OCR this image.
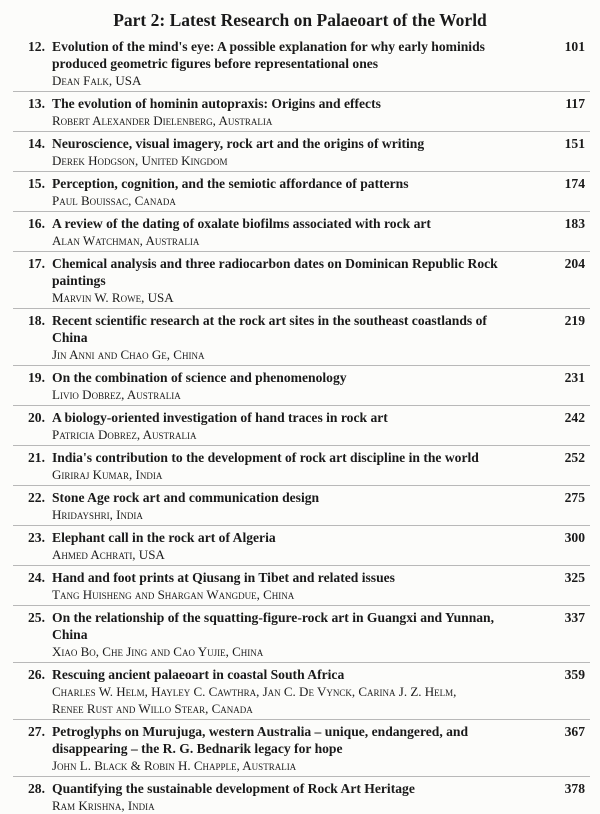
Part 2: Latest Research on Palaeoart of the World
12. Evolution of the mind's eye: A possible explanation for why early hominids produced geometric figures before representational ones
101
Dean Falk, USA
13. The evolution of hominin autopraxis: Origins and effects	117
Robert Alexander Dielenberg, Australia
14. Neuroscience, visual imagery, rock art and the origins of writing	151
Derek Hodgson, United Kingdom
15. Perception, cognition, and the semiotic affordance of patterns	174
Paul Bouissac, Canada
16. A review of the dating of oxalate biofilms associated with rock art	183
Alan Watchman, Australia
17. Chemical analysis and three radiocarbon dates on Dominican Republic Rock paintings
204
Marvin W. Rowe, USA
18. Recent scientific research at the rock art sites in the southeast coastlands of China
219
Jin Anni and Chao Ge, China
19. On the combination of science and phenomenology	231
Livio Dobrez, Australia
20. A biology-oriented investigation of hand traces in rock art	242
Patricia Dobrez, Australia
21. India's contribution to the development of rock art discipline in the world	252
Giriraj Kumar, India
22. Stone Age rock art and communication design	275
Hridayshri, India
23. Elephant call in the rock art of Algeria	300
Ahmed Achrati, USA
24. Hand and foot prints at Qiusang in Tibet and related issues	325
Tang Huisheng and Shargan Wangdue, China
25. On the relationship of the squatting-figure-rock art in Guangxi and Yunnan, China
337
Xiao Bo, Che Jing and Cao Yujie, China
26. Rescuing ancient palaeoart in coastal South Africa	359
Charles W. Helm, Hayley C. Cawthra, Jan C. De Vynck, Carina J. Z. Helm,
Renee Rust and Willo Stear, Canada
27. Petroglyphs on Murujuga, western Australia – unique, endangered, and disappearing – the R. G. Bednarik legacy for hope
367
John L. Black & Robin H. Chapple, Australia
28. Quantifying the sustainable development of Rock Art Heritage	378
Ram Krishna, India
